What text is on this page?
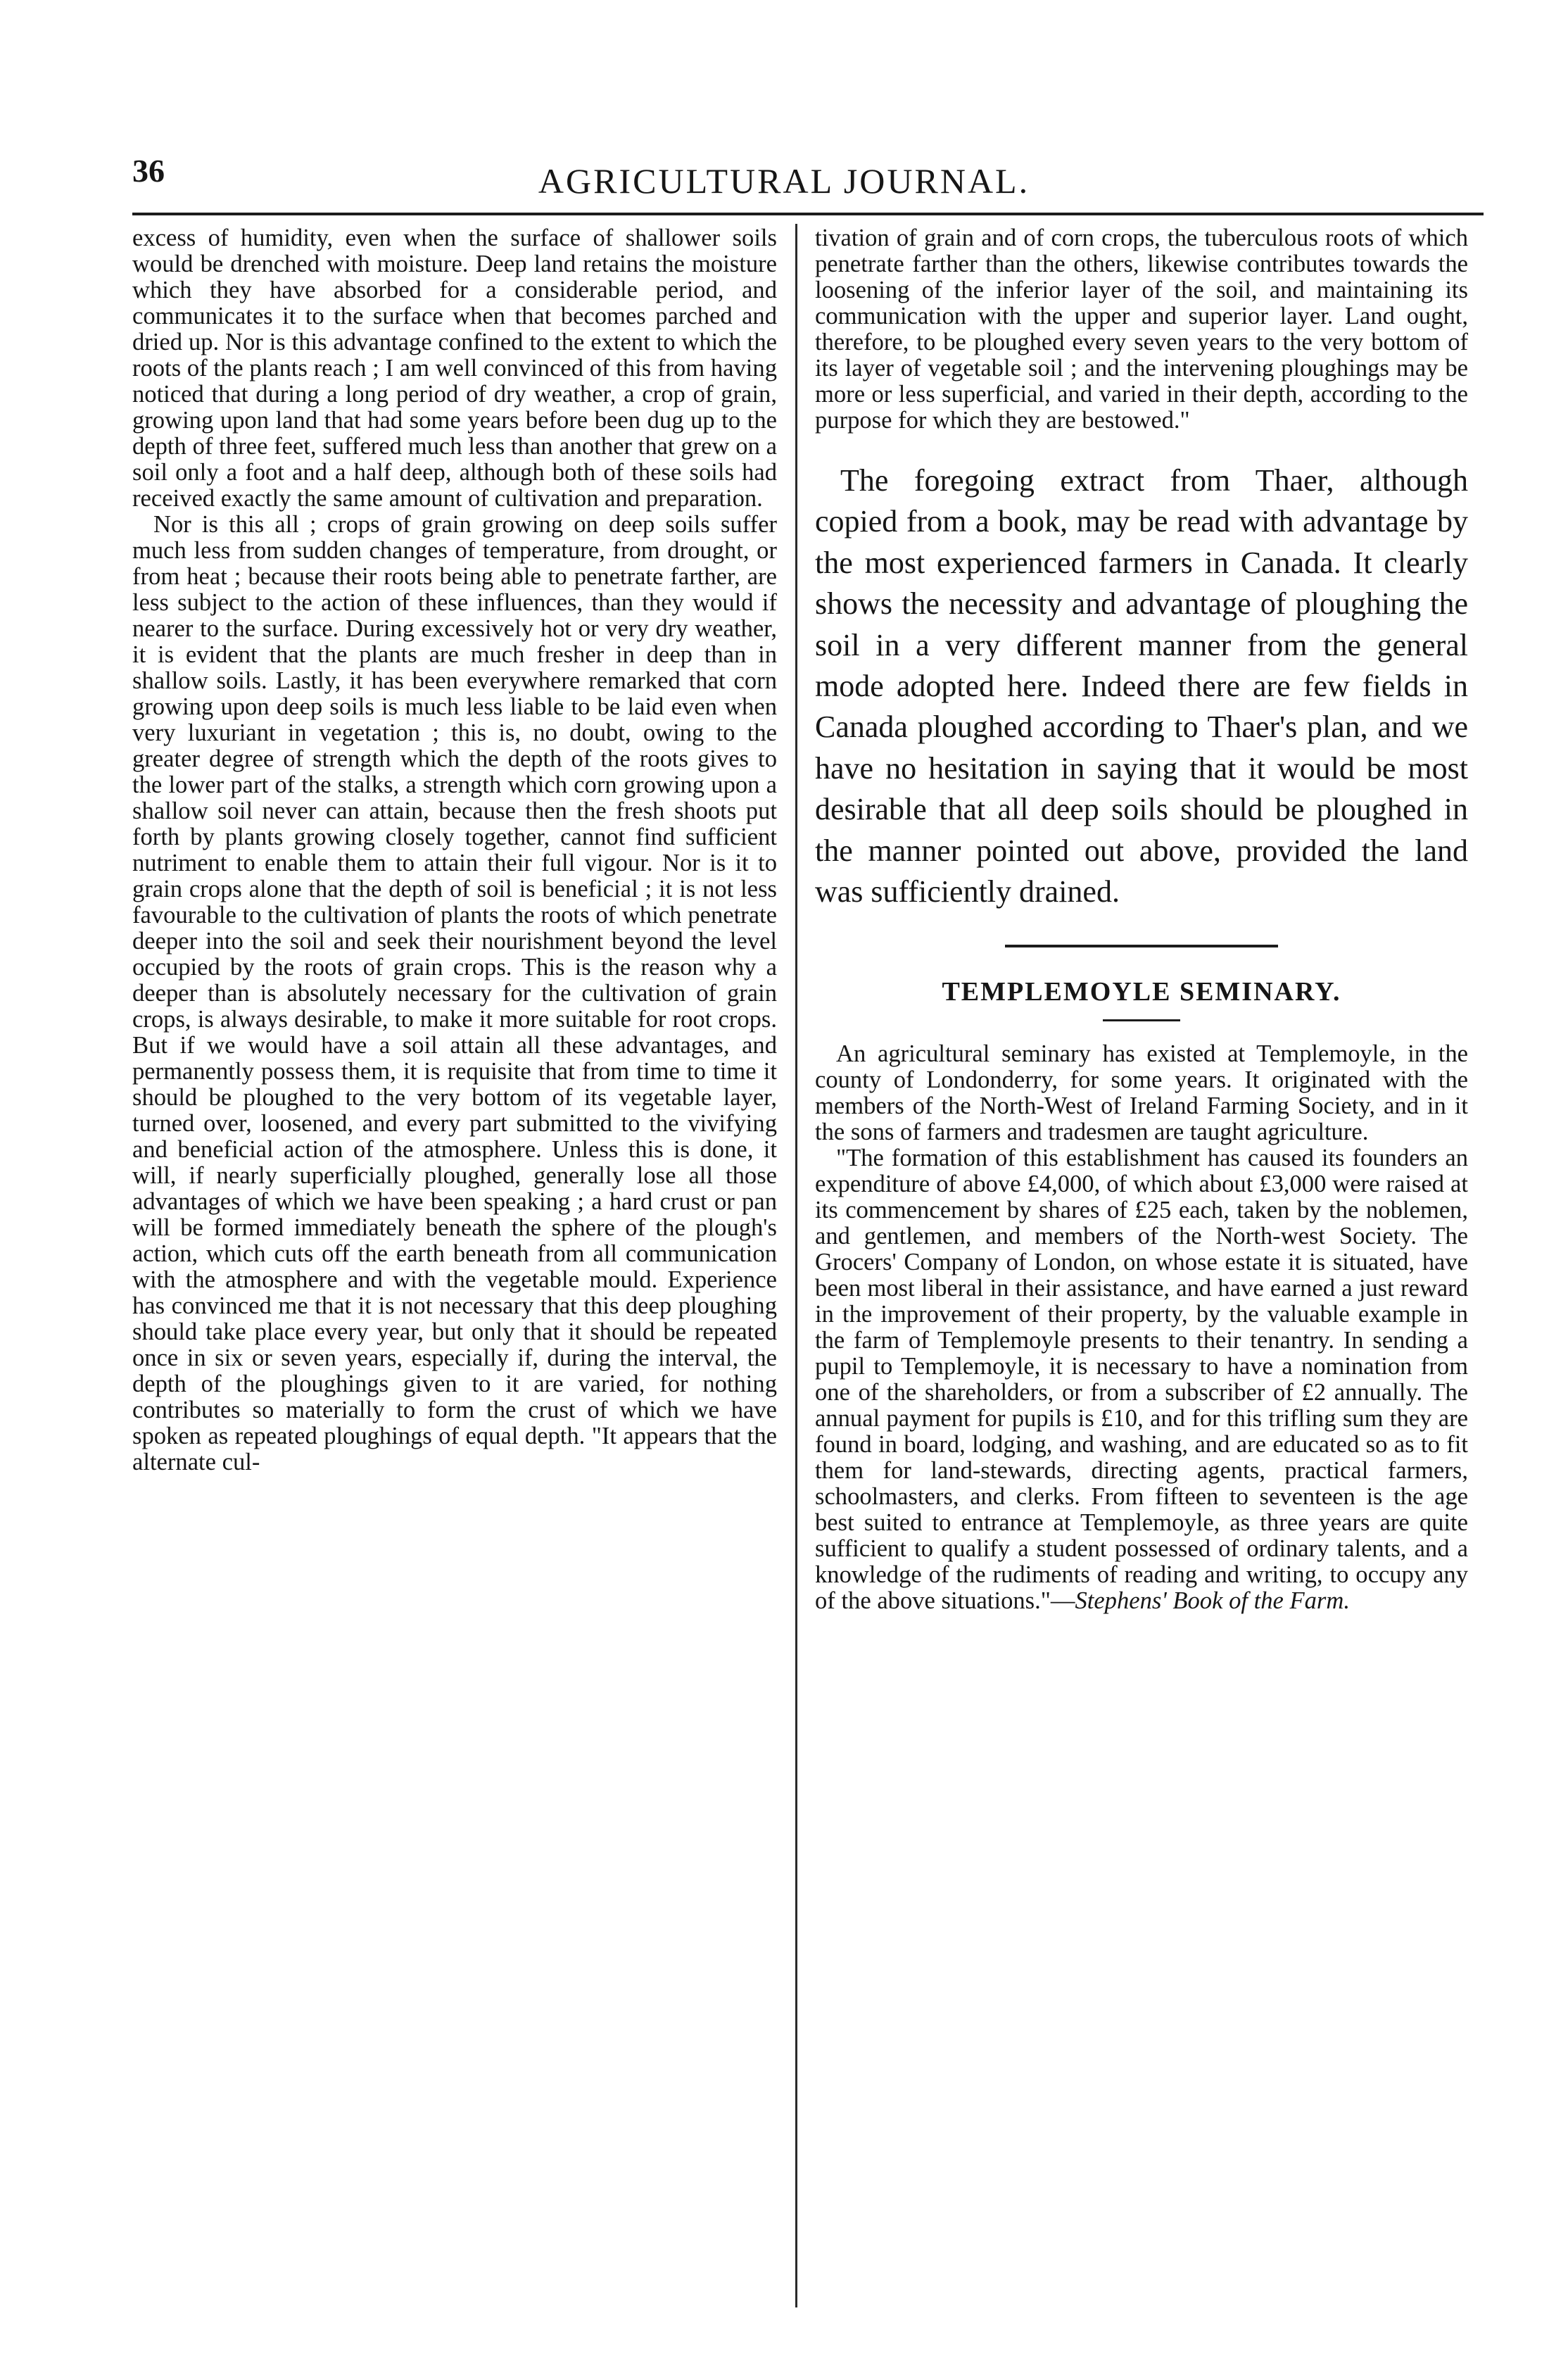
36	AGRICULTURAL JOURNAL.

excess of humidity, even when the surface of shallower soils would be drenched with moisture. Deep land retains the moisture which they have absorbed for a considerable period, and communicates it to the surface when that becomes parched and dried up. Nor is this advantage confined to the extent to which the roots of the plants reach ; I am well convinced of this from having noticed that during a long period of dry weather, a crop of grain, growing upon land that had some years before been dug up to the depth of three feet, suffered much less than another that grew on a soil only a foot and a half deep, although both of these soils had received exactly the same amount of cultivation and preparation.

Nor is this all ; crops of grain growing on deep soils suffer much less from sudden changes of temperature, from drought, or from heat ; because their roots being able to penetrate farther, are less subject to the action of these influences, than they would if nearer to the surface. During excessively hot or very dry weather, it is evident that the plants are much fresher in deep than in shallow soils. Lastly, it has been everywhere remarked that corn growing upon deep soils is much less liable to be laid even when very luxuriant in vegetation ; this is, no doubt, owing to the greater degree of strength which the depth of the roots gives to the lower part of the stalks, a strength which corn growing upon a shallow soil never can attain, because then the fresh shoots put forth by plants growing closely together, cannot find sufficient nutriment to enable them to attain their full vigour. Nor is it to grain crops alone that the depth of soil is beneficial ; it is not less favourable to the cultivation of plants the roots of which penetrate deeper into the soil and seek their nourishment beyond the level occupied by the roots of grain crops. This is the reason why a deeper than is absolutely necessary for the cultivation of grain crops, is always desirable, to make it more suitable for root crops. But if we would have a soil attain all these advantages, and permanently possess them, it is requisite that from time to time it should be ploughed to the very bottom of its vegetable layer, turned over, loosened, and every part submitted to the vivifying and beneficial action of the atmosphere. Unless this is done, it will, if nearly superficially ploughed, generally lose all those advantages of which we have been speaking ; a hard crust or pan will be formed immediately beneath the sphere of the plough's action, which cuts off the earth beneath from all communication with the atmosphere and with the vegetable mould. Experience has convinced me that it is not necessary that this deep ploughing should take place every year, but only that it should be repeated once in six or seven years, especially if, during the interval, the depth of the ploughings given to it are varied, for nothing contributes so materially to form the crust of which we have spoken as repeated ploughings of equal depth. "It appears that the alternate cul-

tivation of grain and of corn crops, the tuberculous roots of which penetrate farther than the others, likewise contributes towards the loosening of the inferior layer of the soil, and maintaining its communication with the upper and superior layer. Land ought, therefore, to be ploughed every seven years to the very bottom of its layer of vegetable soil ; and the intervening ploughings may be more or less superficial, and varied in their depth, according to the purpose for which they are bestowed."

The foregoing extract from Thaer, although copied from a book, may be read with advantage by the most experienced farmers in Canada. It clearly shows the necessity and advantage of ploughing the soil in a very different manner from the general mode adopted here. Indeed there are few fields in Canada ploughed according to Thaer's plan, and we have no hesitation in saying that it would be most desirable that all deep soils should be ploughed in the manner pointed out above, provided the land was sufficiently drained.

TEMPLEMOYLE SEMINARY.

An agricultural seminary has existed at Templemoyle, in the county of Londonderry, for some years. It originated with the members of the North-West of Ireland Farming Society, and in it the sons of farmers and tradesmen are taught agriculture.

"The formation of this establishment has caused its founders an expenditure of above £4,000, of which about £3,000 were raised at its commencement by shares of £25 each, taken by the noblemen, and gentlemen, and members of the North-west Society. The Grocers' Company of London, on whose estate it is situated, have been most liberal in their assistance, and have earned a just reward in the improvement of their property, by the valuable example in the farm of Templemoyle presents to their tenantry. In sending a pupil to Templemoyle, it is necessary to have a nomination from one of the shareholders, or from a subscriber of £2 annually. The annual payment for pupils is £10, and for this trifling sum they are found in board, lodging, and washing, and are educated so as to fit them for land-stewards, directing agents, practical farmers, schoolmasters, and clerks. From fifteen to seventeen is the age best suited to entrance at Templemoyle, as three years are quite sufficient to qualify a student possessed of ordinary talents, and a knowledge of the rudiments of reading and writing, to occupy any of the above situations."—Stephens' Book of the Farm.
